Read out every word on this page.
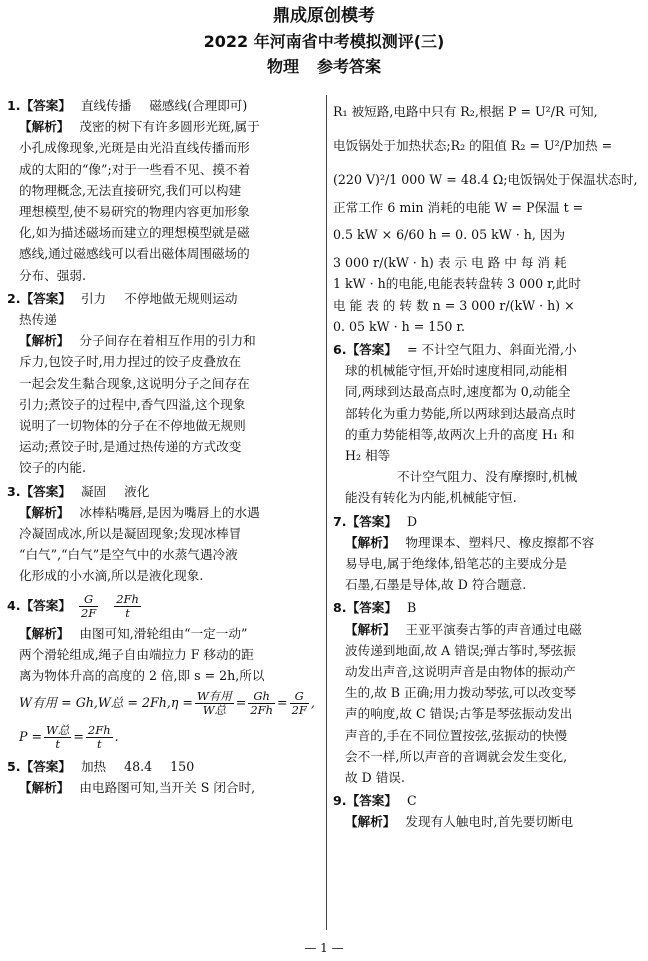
鼎成原创模考
2022 年河南省中考模拟测评(三)
物理 参考答案
1.【答案】 直线传播 磁感线(合理即可)
【解析】 茂密的树下有许多圆形光斑,属于
小孔成像现象,光斑是由光沿直线传播而形
成的太阳的“像”;对于一些看不见、摸不着
的物理概念,无法直接研究,我们可以构建
理想模型,使不易研究的物理内容更加形象
化,如为描述磁场而建立的理想模型就是磁
感线,通过磁感线可以看出磁体周围磁场的
分布、强弱.
2.【答案】 引力 不停地做无规则运动
热传递
【解析】 分子间存在着相互作用的引力和
斥力,包饺子时,用力捏过的饺子皮叠放在
一起会发生黏合现象,这说明分子之间存在
引力;煮饺子的过程中,香气四溢,这个现象
说明了一切物体的分子在不停地做无规则
运动;煮饺子时,是通过热传递的方式改变
饺子的内能.
3.【答案】 凝固 液化
【解析】 冰棒粘嘴唇,是因为嘴唇上的水遇
冷凝固成冰,所以是凝固现象;发现冰棒冒
“白气”,“白气”是空气中的水蒸气遇冷液
化形成的小水滴,所以是液化现象.
4.【答案】 $\frac{G}{2F} \frac{2Fh}{t}$
【解析】 由图可知,滑轮组由“一定一动”
两个滑轮组成,绳子自由端拉力 F 移动的距
离为物体升高的高度的 2 倍,即 s = 2h,所以
W有用 = Gh,W总 = $2Fh,\eta = \frac{\text{W有用}}{\text{W总}} = \frac{Gh}{2Fh} = \frac{G}{2F}$ ,
$P = \frac{\text{W总}}{t} = \frac{2Fh}{t}$ .
5.【答案】 加热 48.4 150
【解析】 由电路图可知,当开关 S 闭合时,
R₁ 被短路,电路中只有 R₂,根据 P = U²/R 可知,
电饭锅处于加热状态;R₂ 的阻值 R₂ = U²/P加热 =
(220 V)²/1 000 W = 48.4 Ω;电饭锅处于保温状态时,
正常工作 6 min 消耗的电能 W = P保温 t =
0.5 kW × 6/60 h = 0. 05 kW · h, 因为
3 000 r/(kW · h) 表 示 电 路 中 每 消 耗
1 kW · h的电能,电能表转盘转 3 000 r,此时
电 能 表 的 转 数 n = 3 000 r/(kW · h) ×
0. 05 kW · h = 150 r.
6.【答案】 = 不计空气阻力、斜面光滑,小
球的机械能守恒,开始时速度相同,动能相
同,两球到达最高点时,速度都为 0,动能全
部转化为重力势能,所以两球到达最高点时
的重力势能相等,故两次上升的高度 H₁ 和
H₂ 相等
不计空气阻力、没有摩擦时,机械
能没有转化为内能,机械能守恒.
7.【答案】 D
【解析】 物理课本、塑料尺、橡皮擦都不容
易导电,属于绝缘体,铅笔芯的主要成分是
石墨,石墨是导体,故 D 符合题意.
8.【答案】 B
【解析】 王亚平演奏古筝的声音通过电磁
波传递到地面,故 A 错误;弹古筝时,琴弦振
动发出声音,这说明声音是由物体的振动产
生的,故 B 正确;用力拨动琴弦,可以改变琴
声的响度,故 C 错误;古筝是琴弦振动发出
声音的,手在不同位置按弦,弦振动的快慢
会不一样,所以声音的音调就会发生变化,
故 D 错误.
9.【答案】 C
【解析】 发现有人触电时,首先要切断电
— 1 —
